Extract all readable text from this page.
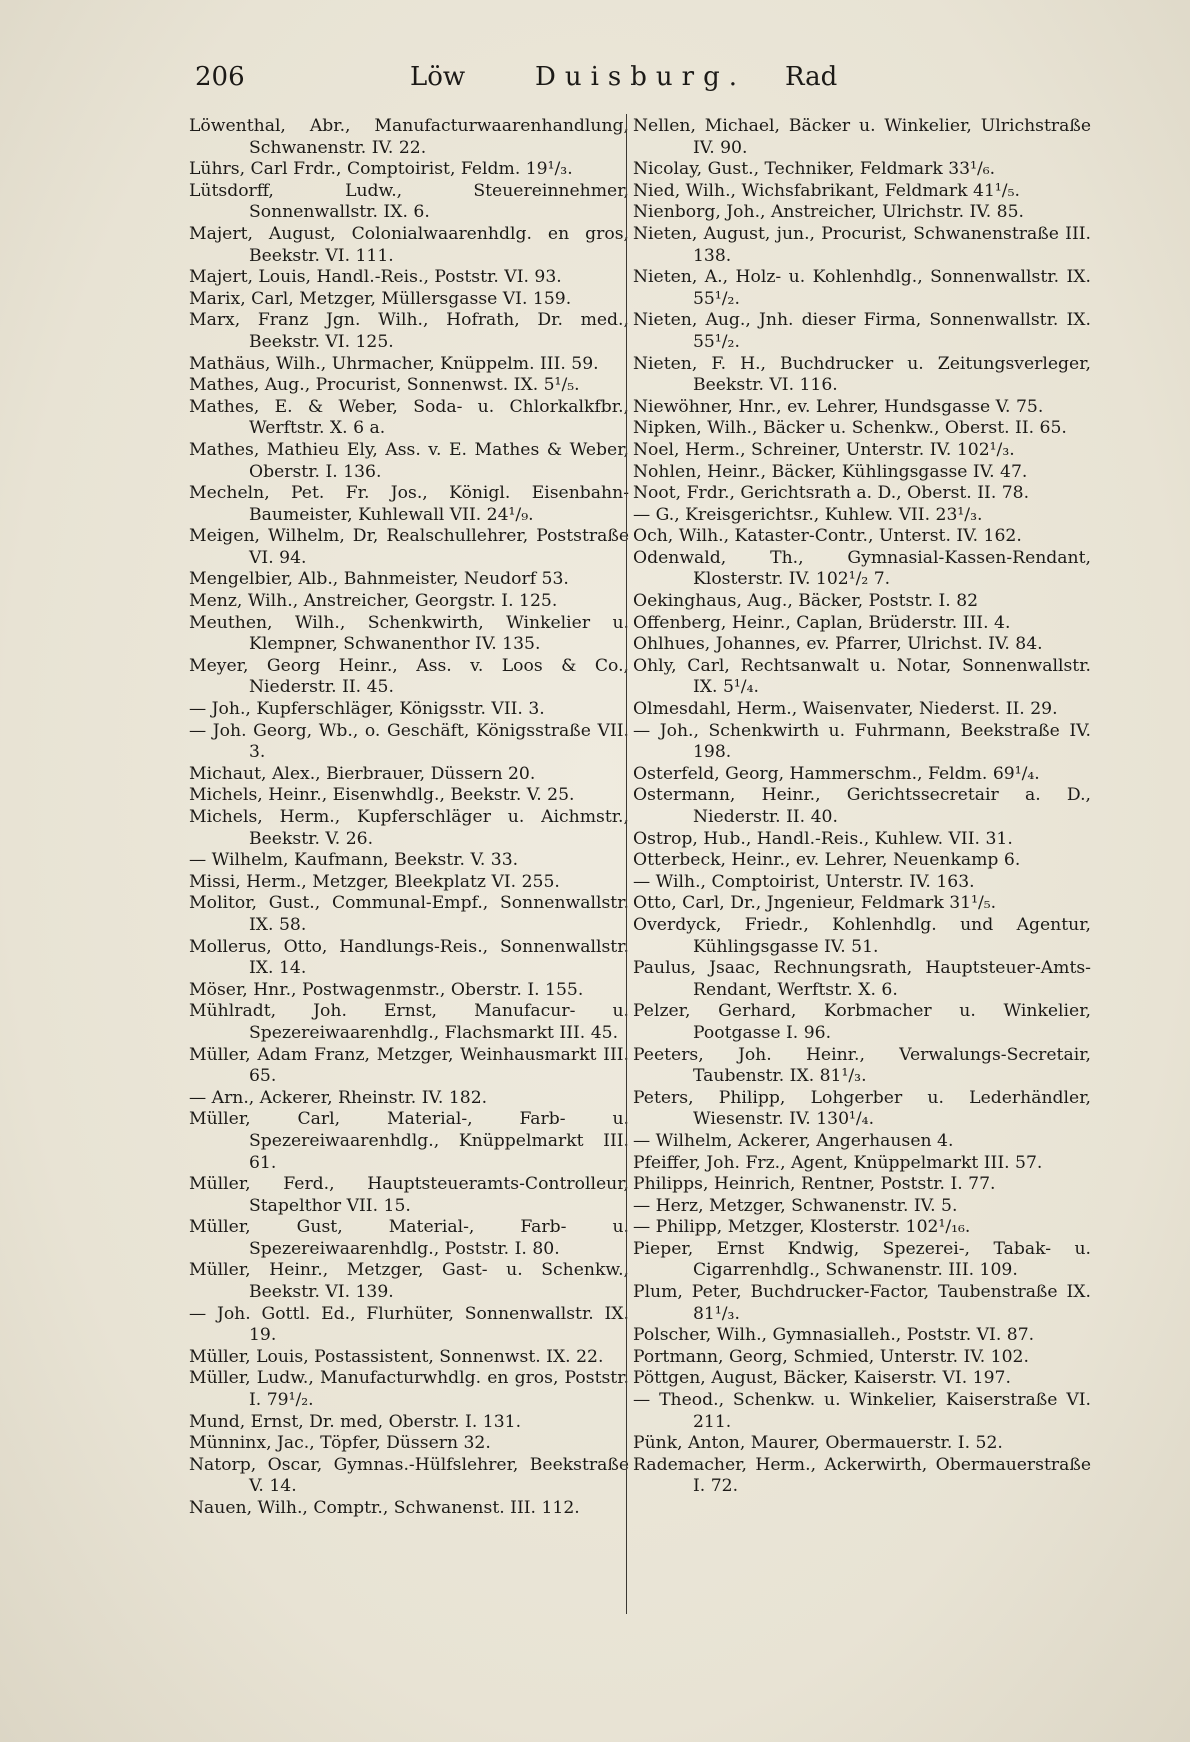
206	Löw	Duisburg. Rad
Löwenthal, Abr., Manufacturwaarenhandlung, Schwanenstr. IV. 22.
Lührs, Carl Frdr., Comptoirist, Feldm. 19¹/₃.
Lütsdorff, Ludw., Steuereinnehmer, Sonnenwallstr. IX. 6.
Majert, August, Colonialwaarenhdlg. en gros, Beekstr. VI. 111.
Majert, Louis, Handl.-Reis., Poststr. VI. 93.
Marix, Carl, Metzger, Müllersgasse VI. 159.
Marx, Franz Jgn. Wilh., Hofrath, Dr. med., Beekstr. VI. 125.
Mathäus, Wilh., Uhrmacher, Knüppelm. III. 59.
Mathes, Aug., Procurist, Sonnenwst. IX. 5¹/₅.
Mathes, E. & Weber, Soda- u. Chlorkalkfbr., Werftstr. X. 6 a.
Mathes, Mathieu Ely, Ass. v. E. Mathes & Weber, Oberstr. I. 136.
Mecheln, Pet. Fr. Jos., Königl. Eisenbahn-Baumeister, Kuhlewall VII. 24¹/₉.
Meigen, Wilhelm, Dr, Realschullehrer, Poststraße VI. 94.
Mengelbier, Alb., Bahnmeister, Neudorf 53.
Menz, Wilh., Anstreicher, Georgstr. I. 125.
Meuthen, Wilh., Schenkwirth, Winkelier u. Klempner, Schwanenthor IV. 135.
Meyer, Georg Heinr., Ass. v. Loos & Co., Niederstr. II. 45.
— Joh., Kupferschläger, Königsstr. VII. 3.
— Joh. Georg, Wb., o. Geschäft, Königsstraße VII. 3.
Michaut, Alex., Bierbrauer, Düssern 20.
Michels, Heinr., Eisenwhdlg., Beekstr. V. 25.
Michels, Herm., Kupferschläger u. Aichmstr., Beekstr. V. 26.
— Wilhelm, Kaufmann, Beekstr. V. 33.
Missi, Herm., Metzger, Bleekplatz VI. 255.
Molitor, Gust., Communal-Empf., Sonnenwallstr. IX. 58.
Mollerus, Otto, Handlungs-Reis., Sonnenwallstr. IX. 14.
Möser, Hnr., Postwagenmstr., Oberstr. I. 155.
Mühlradt, Joh. Ernst, Manufacur- u. Spezereiwaarenhdlg., Flachsmarkt III. 45.
Müller, Adam Franz, Metzger, Weinhausmarkt III. 65.
— Arn., Ackerer, Rheinstr. IV. 182.
Müller, Carl, Material-, Farb- u. Spezereiwaarenhdlg., Knüppelmarkt III. 61.
Müller, Ferd., Hauptsteueramts-Controlleur, Stapelthor VII. 15.
Müller, Gust, Material-, Farb- u. Spezereiwaarenhdlg., Poststr. I. 80.
Müller, Heinr., Metzger, Gast- u. Schenkw., Beekstr. VI. 139.
— Joh. Gottl. Ed., Flurhüter, Sonnenwallstr. IX. 19.
Müller, Louis, Postassistent, Sonnenwst. IX. 22.
Müller, Ludw., Manufacturwhdlg. en gros, Poststr. I. 79¹/₂.
Mund, Ernst, Dr. med, Oberstr. I. 131.
Münninx, Jac., Töpfer, Düssern 32.
Natorp, Oscar, Gymnas.-Hülfslehrer, Beekstraße V. 14.
Nauen, Wilh., Comptr., Schwanenst. III. 112.
Nellen, Michael, Bäcker u. Winkelier, Ulrichstraße IV. 90.
Nicolay, Gust., Techniker, Feldmark 33¹/₆.
Nied, Wilh., Wichsfabrikant, Feldmark 41¹/₅.
Nienborg, Joh., Anstreicher, Ulrichstr. IV. 85.
Nieten, August, jun., Procurist, Schwanenstraße III. 138.
Nieten, A., Holz- u. Kohlenhdlg., Sonnenwallstr. IX. 55¹/₂.
Nieten, Aug., Jnh. dieser Firma, Sonnenwallstr. IX. 55¹/₂.
Nieten, F. H., Buchdrucker u. Zeitungsverleger, Beekstr. VI. 116.
Niewöhner, Hnr., ev. Lehrer, Hundsgasse V. 75.
Nipken, Wilh., Bäcker u. Schenkw., Oberst. II. 65.
Noel, Herm., Schreiner, Unterstr. IV. 102¹/₃.
Nohlen, Heinr., Bäcker, Kühlingsgasse IV. 47.
Noot, Frdr., Gerichtsrath a. D., Oberst. II. 78.
— G., Kreisgerichtsr., Kuhlew. VII. 23¹/₃.
Och, Wilh., Kataster-Contr., Unterst. IV. 162.
Odenwald, Th., Gymnasial-Kassen-Rendant, Klosterstr. IV. 102¹/₂ 7.
Oekinghaus, Aug., Bäcker, Poststr. I. 82
Offenberg, Heinr., Caplan, Brüderstr. III. 4.
Ohlhues, Johannes, ev. Pfarrer, Ulrichst. IV. 84.
Ohly, Carl, Rechtsanwalt u. Notar, Sonnenwallstr. IX. 5¹/₄.
Olmesdahl, Herm., Waisenvater, Niederst. II. 29.
— Joh., Schenkwirth u. Fuhrmann, Beekstraße IV. 198.
Osterfeld, Georg, Hammerschm., Feldm. 69¹/₄.
Ostermann, Heinr., Gerichtssecretair a. D., Niederstr. II. 40.
Ostrop, Hub., Handl.-Reis., Kuhlew. VII. 31.
Otterbeck, Heinr., ev. Lehrer, Neuenkamp 6.
— Wilh., Comptoirist, Unterstr. IV. 163.
Otto, Carl, Dr., Jngenieur, Feldmark 31¹/₅.
Overdyck, Friedr., Kohlenhdlg. und Agentur, Kühlingsgasse IV. 51.
Paulus, Jsaac, Rechnungsrath, Hauptsteuer-Amts-Rendant, Werftstr. X. 6.
Pelzer, Gerhard, Korbmacher u. Winkelier, Pootgasse I. 96.
Peeters, Joh. Heinr., Verwalungs-Secretair, Taubenstr. IX. 81¹/₃.
Peters, Philipp, Lohgerber u. Lederhändler, Wiesenstr. IV. 130¹/₄.
— Wilhelm, Ackerer, Angerhausen 4.
Pfeiffer, Joh. Frz., Agent, Knüppelmarkt III. 57.
Philipps, Heinrich, Rentner, Poststr. I. 77.
— Herz, Metzger, Schwanenstr. IV. 5.
— Philipp, Metzger, Klosterstr. 102¹/₁₆.
Pieper, Ernst Kndwig, Spezerei-, Tabak- u. Cigarrenhdlg., Schwanenstr. III. 109.
Plum, Peter, Buchdrucker-Factor, Taubenstraße IX. 81¹/₃.
Polscher, Wilh., Gymnasialleh., Poststr. VI. 87.
Portmann, Georg, Schmied, Unterstr. IV. 102.
Pöttgen, August, Bäcker, Kaiserstr. VI. 197.
— Theod., Schenkw. u. Winkelier, Kaiserstraße VI. 211.
Pünk, Anton, Maurer, Obermauerstr. I. 52.
Rademacher, Herm., Ackerwirth, Obermauerstraße I. 72.
